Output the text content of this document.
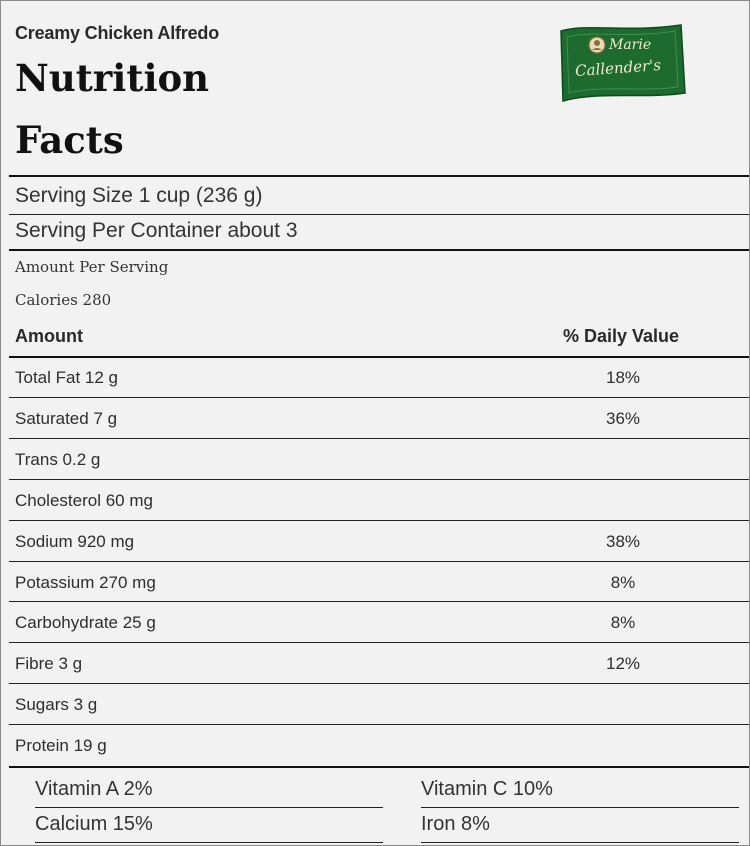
Creamy Chicken Alfredo
Nutrition
Facts
Marie
Callender's
Serving Size 1 cup (236 g)
Serving Per Container about 3
Amount Per Serving
Calories 280
Amount	% Daily Value
Total Fat 12 g	18%
Saturated 7 g	36%
Trans 0.2 g
Cholesterol 60 mg
Sodium 920 mg	38%
Potassium 270 mg	8%
Carbohydrate 25 g	8%
Fibre 3 g	12%
Sugars 3 g
Protein 19 g
Vitamin A 2%	Vitamin C 10%
Calcium 15%	Iron 8%
